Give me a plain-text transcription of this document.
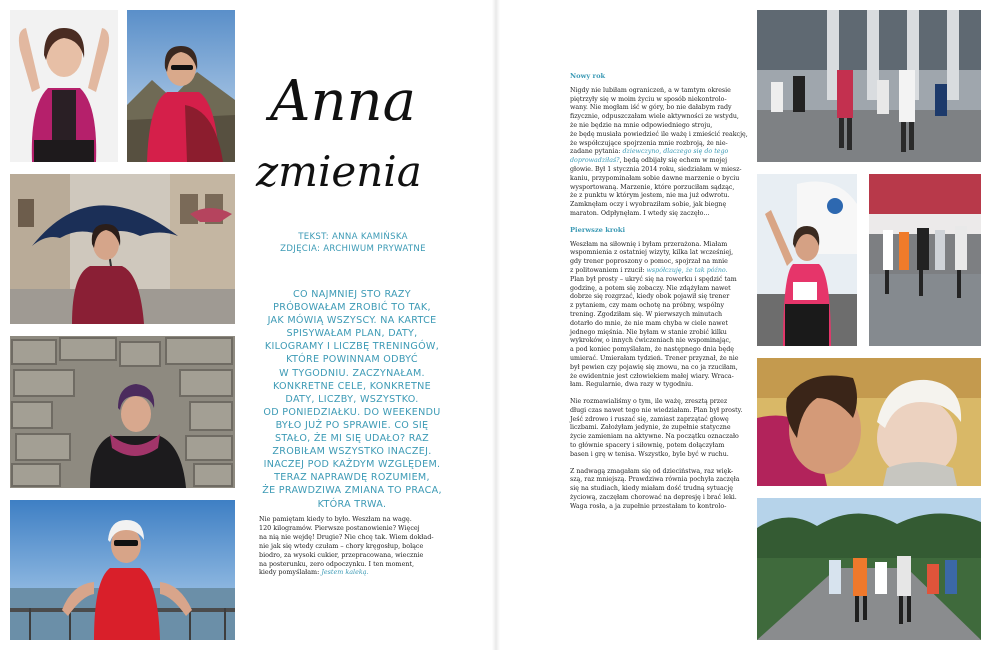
Anna
zmienia
TEKST: ANNA KAMIŃSKA
ZDJĘCIA: ARCHIWUM PRYWATNE
CO NAJMNIEJ STO RAZY
PRÓBOWAŁAM ZROBIĆ TO TAK,
JAK MÓWIĄ WSZYSCY. NA KARTCE
SPISYWAŁAM PLAN, DATY,
KILOGRAMY I LICZBĘ TRENINGÓW,
KTÓRE POWINNAM ODBYĆ
W TYGODNIU. ZACZYNAŁAM.
KONKRETNE CELE, KONKRETNE
DATY, LICZBY, WSZYSTKO.
OD PONIEDZIAŁKU. DO WEEKENDU
BYŁO JUŻ PO SPRAWIE. CO SIĘ
STAŁO, ŻE MI SIĘ UDAŁO? RAZ
ZROBIŁAM WSZYSTKO INACZEJ.
INACZEJ POD KAŻDYM WZGLĘDEM.
TERAZ NAPRAWDĘ ROZUMIEM,
ŻE PRAWDZIWA ZMIANA TO PRACA,
KTÓRA TRWA.
Nie pamiętam kiedy to było. Weszłam na wagę.
120 kilogramów. Pierwsze postanowienie? Więcej
na nią nie wejdę! Drugie? Nie chcę tak. Wiem dokład-
nie jak się wtedy czułam – chory kręgosłup, bolące
biodro, za wysoki cukier, przepracowana, wiecznie
na posterunku, zero odpoczynku. I ten moment,
kiedy pomyślałam: Jestem kaleką.
Nowy rok
Nigdy nie lubiłam ograniczeń, a w tamtym okresie
piętrzyły się w moim życiu w sposób niekontrolo-
wany. Nie mogłam iść w góry, bo nie dałabym rady
fizycznie, odpuszczałam wiele aktywności ze wstydu,
że nie będzie na mnie odpowiedniego stroju,
że będę musiała powiedzieć ile ważę i zmieścić reakcję,
że współczujące spojrzenia mnie rozbroją, że nie-
zadane pytania: dziewczyno, dlaczego się do tego
doprowadziłaś?, będą odbijały się echem w mojej
głowie. Był 1 stycznia 2014 roku, siedziałam w miesz-
kaniu, przypominałam sobie dawne marzenie o byciu
wysportowaną. Marzenie, które porzuciłam sądząc,
że z punktu w którym jestem, nie ma już odwrotu.
Zamknęłam oczy i wyobraziłam sobie, jak biegnę
maraton. Odpłynęłam. I wtedy się zaczęło…
Pierwsze kroki
Weszłam na siłownię i byłam przerażona. Miałam
wspomnienia z ostatniej wizyty, kilka lat wcześniej,
gdy trener poproszony o pomoc, spojrzał na mnie
z politowaniem i rzucił: współczuję, że tak późno.
Plan był prosty – ukryć się na rowerku i spędzić tam
godzinę, a potem się zobaczy. Nie zdążyłam nawet
dobrze się rozgrzać, kiedy obok pojawił się trener
z pytaniem, czy mam ochotę na próbny, wspólny
trening. Zgodziłam się. W pierwszych minutach
dotarło do mnie, że nie mam chyba w ciele nawet
jednego mięśnia. Nie byłam w stanie zrobić kilku
wykroków, o innych ćwiczeniach nie wspominając,
a pod koniec pomyślałam, że następnego dnia będę
umierać. Umierałam tydzień. Trener przyznał, że nie
był pewien czy pojawię się znowu, na co ja rzuciłam,
że ewidentnie jest człowiekiem małej wiary. Wraca-
łam. Regularnie, dwa razy w tygodniu.
Nie rozmawialiśmy o tym, ile ważę, zresztą przez
długi czas nawet tego nie wiedziałam. Plan był prosty.
Jeść zdrowo i ruszać się, zamiast zaprzątać głowę
liczbami. Założyłam jedynie, że zupełnie statyczne
życie zamieniam na aktywne. Na początku oznaczało
to głównie spacery i siłownię, potem dołączyłam
basen i grę w tenisa. Wszystko, byle być w ruchu.
Z nadwagą zmagałam się od dzieciństwa, raz więk-
szą, raz mniejszą. Prawdziwa równia pochyła zaczęła
się na studiach, kiedy miałam dość trudną sytuację
życiową, zaczęłam chorować na depresję i brać leki.
Waga rosła, a ja zupełnie przestałam to kontrolo-
